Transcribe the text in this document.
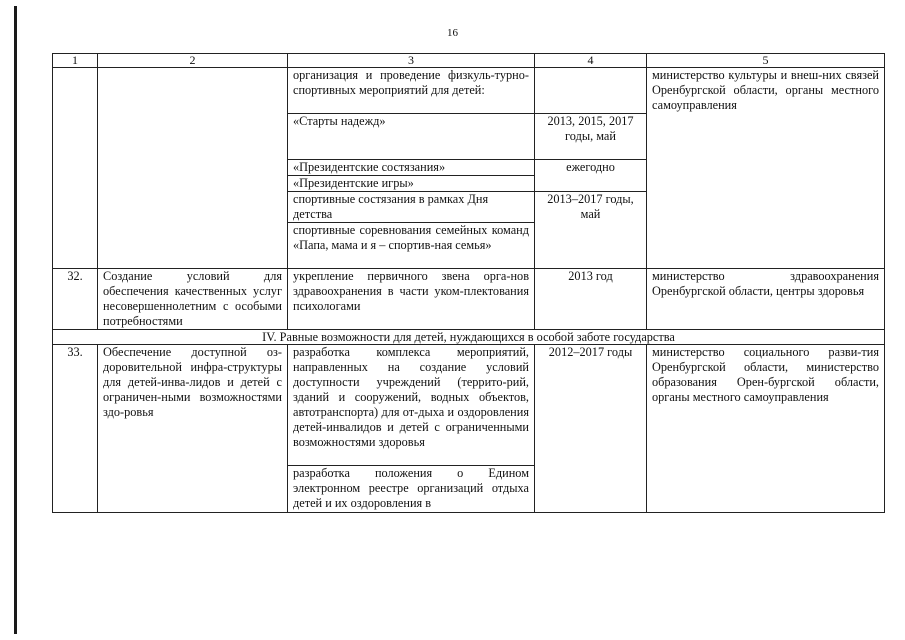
16
1	2	3	4	5
		организация и проведение физкуль-турно-спортивных мероприятий для детей:		министерство культуры и внеш-них связей Оренбургской области, органы местного самоуправления
		«Старты надежд»	2013, 2015, 2017 годы, май	
		«Президентские состязания»	ежегодно	
		«Президентские игры»		
		спортивные состязания в рамках Дня детства	2013–2017 годы, май	
		спортивные соревнования семейных команд «Папа, мама и я – спортив-ная семья»		
32.	Создание условий для обеспечения качественных услуг несовершеннолетним с особыми потребностями	укрепление первичного звена орга-нов здравоохранения в части уком-плектования психологами	2013 год	министерство здравоохранения Оренбургской области, центры здоровья
IV. Равные возможности для детей, нуждающихся в особой заботе государства				
33.	Обеспечение доступной оз-доровительной инфра-структуры для детей-инва-лидов и детей с ограничен-ными возможностями здо-ровья	разработка комплекса мероприятий, направленных на создание условий доступности учреждений (террито-рий, зданий и сооружений, водных объектов, автотранспорта) для от-дыха и оздоровления детей-инвалидов и детей с ограниченными возможностями здоровья	2012–2017 годы	министерство социального разви-тия Оренбургской области, министерство образования Орен-бургской области, органы местного самоуправления
		разработка положения о Едином электронном реестре организаций отдыха детей и их оздоровления в		
